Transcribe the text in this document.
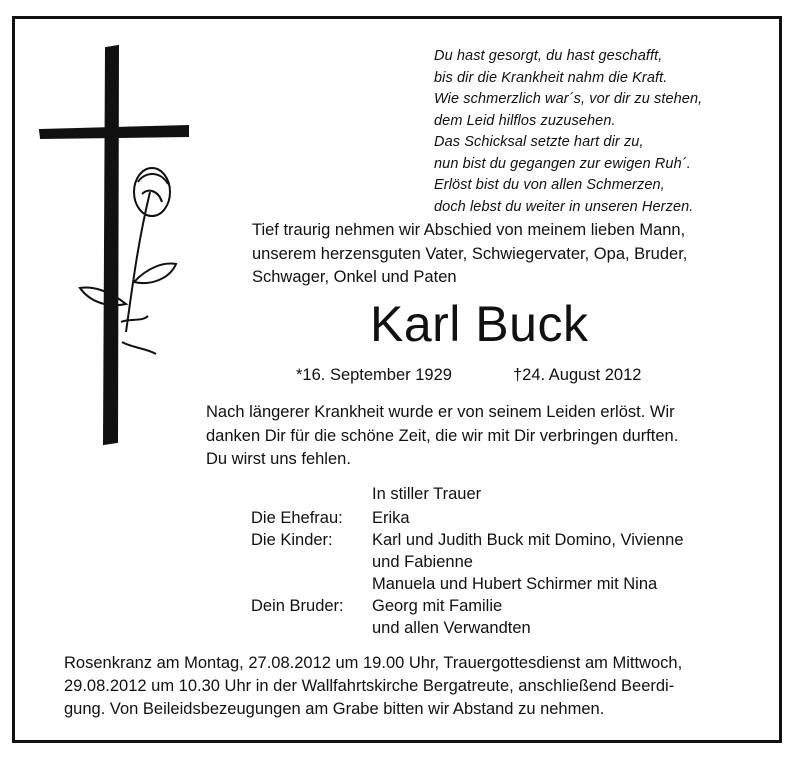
Du hast gesorgt, du hast geschafft,
bis dir die Krankheit nahm die Kraft.
Wie schmerzlich war´s, vor dir zu stehen,
dem Leid hilflos zuzusehen.
Das Schicksal setzte hart dir zu,
nun bist du gegangen zur ewigen Ruh´.
Erlöst bist du von allen Schmerzen,
doch lebst du weiter in unseren Herzen.
Tief traurig nehmen wir Abschied von meinem lieben Mann,
unserem herzensguten Vater, Schwiegervater, Opa, Bruder,
Schwager, Onkel und Paten
Karl Buck
*16. September 1929	†24. August 2012
Nach längerer Krankheit wurde er von seinem Leiden erlöst. Wir
danken Dir für die schöne Zeit, die wir mit Dir verbringen durften.
Du wirst uns fehlen.
In stiller Trauer
Die Ehefrau:	Erika
Die Kinder:	Karl und Judith Buck mit Domino, Vivienne
und Fabienne
Manuela und Hubert Schirmer mit Nina
Dein Bruder:	Georg mit Familie
und allen Verwandten
Rosenkranz am Montag, 27.08.2012 um 19.00 Uhr, Trauergottesdienst am Mittwoch,
29.08.2012 um 10.30 Uhr in der Wallfahrtskirche Bergatreute, anschließend Beerdi-
gung. Von Beileidsbezeugungen am Grabe bitten wir Abstand zu nehmen.
